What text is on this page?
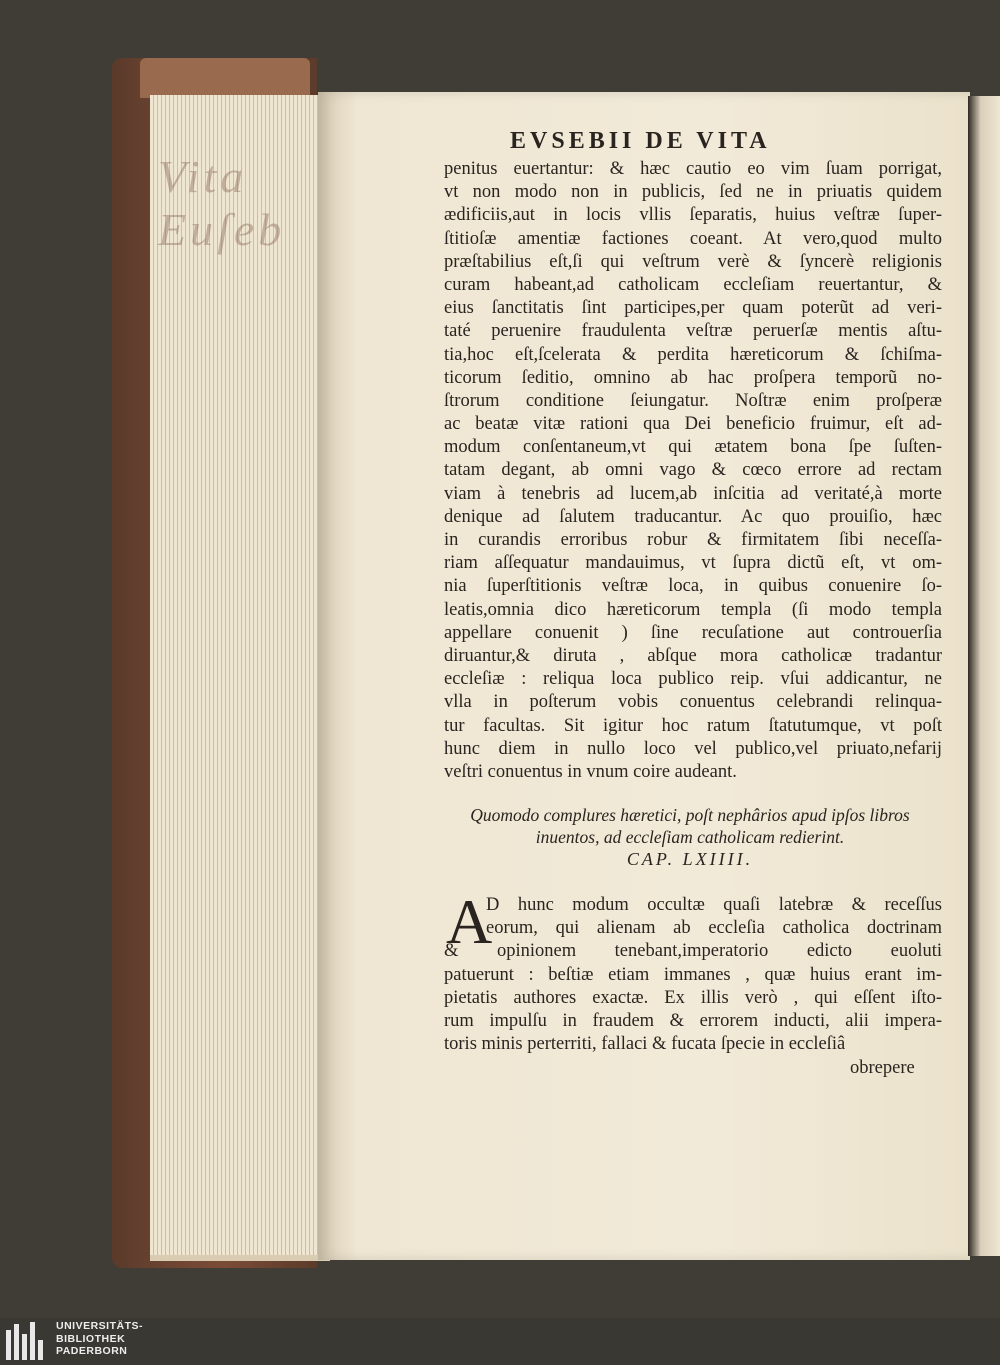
Vita Euſeb
EVSEBII DE VITA
penitus euertantur: & hæc cautio eo vim ſuam porrigat,
vt non modo non in publicis, ſed ne in priuatis quidem
ædificiis,aut in locis vllis ſeparatis, huius veſtræ ſuper-
ſtitioſæ amentiæ factiones coeant. At vero,quod multo
præſtabilius eſt,ſi qui veſtrum verè & ſyncerè religionis
curam habeant,ad catholicam eccleſiam reuertantur, &
eius ſanctitatis ſint participes,per quam poterũt ad veri-
taté peruenire fraudulenta veſtræ peruerſæ mentis aſtu-
tia,hoc eſt,ſcelerata & perdita hæreticorum & ſchiſma-
ticorum ſeditio, omnino ab hac proſpera temporũ no-
ſtrorum conditione ſeiungatur. Noſtræ enim proſperæ
ac beatæ vitæ rationi qua Dei beneficio fruimur, eſt ad-
modum conſentaneum,vt qui ætatem bona ſpe ſuſten-
tatam degant, ab omni vago & cœco errore ad rectam
viam à tenebris ad lucem,ab inſcitia ad veritaté,à morte
denique ad ſalutem traducantur. Ac quo prouiſio, hæc
in curandis erroribus robur & firmitatem ſibi neceſſa-
riam aſſequatur mandauimus, vt ſupra dictũ eſt, vt om-
nia ſuperſtitionis veſtræ loca, in quibus conuenire ſo-
leatis,omnia dico hæreticorum templa (ſi modo templa
appellare conuenit ) ſine recuſatione aut controuerſia
diruantur,& diruta , abſque mora catholicæ tradantur
eccleſiæ : reliqua loca publico reip. vſui addicantur, ne
vlla in poſterum vobis conuentus celebrandi relinqua-
tur facultas. Sit igitur hoc ratum ſtatutumque, vt poſt
hunc diem in nullo loco vel publico,vel priuato,nefarij
veſtri conuentus in vnum coire audeant.
Quomodo complures hæretici, poſt nephârios apud ipſos libros
inuentos, ad eccleſiam catholicam redierint.
CAP. LXIIII.
A
D hunc modum occultæ quaſi latebræ & receſſus
eorum, qui alienam ab eccleſia catholica doctrinam
& opinionem tenebant,imperatorio edicto euoluti
patuerunt : beſtiæ etiam immanes , quæ huius erant im-
pietatis authores exactæ. Ex illis verò , qui eſſent iſto-
rum impulſu in fraudem & errorem inducti, alii impera-
toris minis perterriti, fallaci & fucata ſpecie in eccleſiâ
obrepere
UNIVERSITÄTS-
BIBLIOTHEK
PADERBORN
